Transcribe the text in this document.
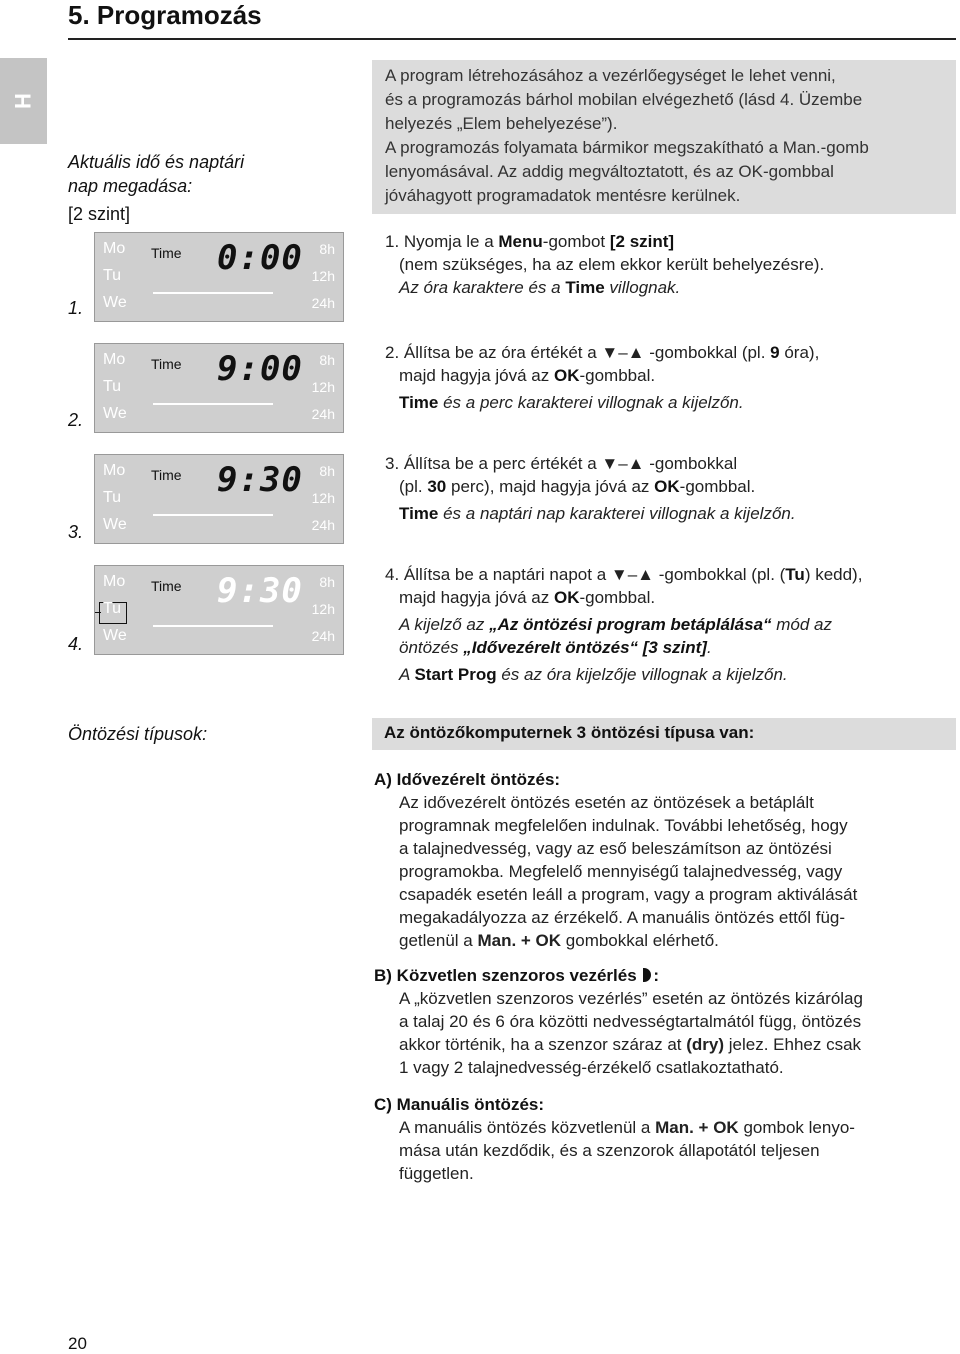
5. Programozás
H
Aktuális idő és naptári
nap megadása:
[2 szint]
A program létrehozásához a vezérlőegységet le lehet venni,
és a programozás bárhol mobilan elvégezhető (lásd 4. Üzembe
helyezés „Elem behelyezése”).
A programozás folyamata bármikor megszakítható a Man.-gomb
lenyomásával. Az addig megváltoztatott, és az OK-gombbal
jóváhagyott programadatok mentésre kerülnek.
1.
Mo
Tu
We
Time 0:00 8h
12h
24h
1. Nyomja le a Menu-gombot [2 szint]
(nem szükséges, ha az elem ekkor került behelyezésre).
Az óra karaktere és a Time villognak.
2.
Mo
Tu
We
Time 9:00 8h
12h
24h
2. Állítsa be az óra értékét a ▼–▲ -gombokkal (pl. 9 óra),
majd hagyja jóvá az OK-gombbal.
Time és a perc karakterei villognak a kijelzőn.
3.
Mo
Tu
We
Time 9:30 8h
12h
24h
3. Állítsa be a perc értékét a ▼–▲ -gombokkal
(pl. 30 perc), majd hagyja jóvá az OK-gombbal.
Time és a naptári nap karakterei villognak a kijelzőn.
4.
Mo
Tu
We
Time 9:30 8h
12h
24h
4. Állítsa be a naptári napot a ▼–▲ -gombokkal (pl. (Tu) kedd),
majd hagyja jóvá az OK-gombbal.
A kijelző az „Az öntözési program betáplálása“ mód az
öntözés „Idővezérelt öntözés“ [3 szint].
A Start Prog és az óra kijelzője villognak a kijelzőn.
Öntözési típusok:	Az öntözőkomputernek 3 öntözési típusa van:
A) Idővezérelt öntözés:
Az idővezérelt öntözés esetén az öntözések a betáplált
programnak megfelelően indulnak. További lehetőség, hogy
a talajnedvesség, vagy az eső beleszámítson az öntözési
programokba. Megfelelő mennyiségű talajnedvesség, vagy
csapadék esetén leáll a program, vagy a program aktiválását
megakadályozza az érzékelő. A manuális öntözés ettől füg-
getlenül a Man. + OK gombokkal elérhető.
B) Közvetlen szenzoros vezérlés :
A „közvetlen szenzoros vezérlés” esetén az öntözés kizárólag
a talaj 20 és 6 óra közötti nedvességtartalmától függ, öntözés
akkor történik, ha a szenzor száraz at (dry) jelez. Ehhez csak
1 vagy 2 talajnedvesség-érzékelő csatlakoztatható.
C) Manuális öntözés:
A manuális öntözés közvetlenül a Man. + OK gombok lenyo-
mása után kezdődik, és a szenzorok állapotától teljesen
független.
20
